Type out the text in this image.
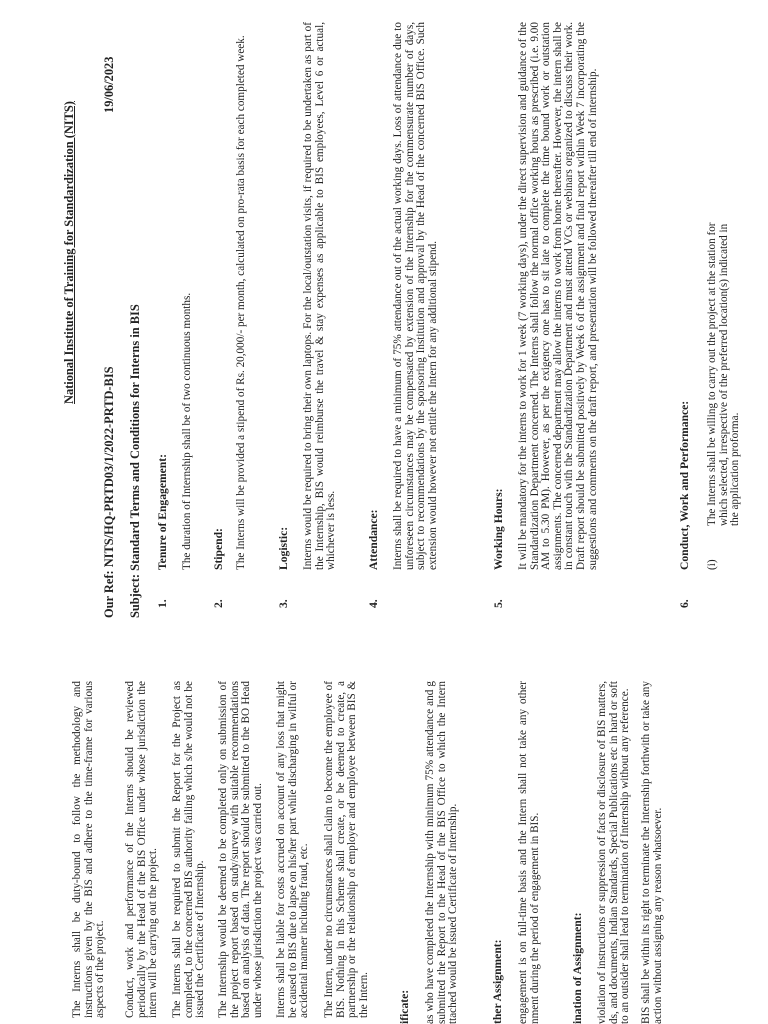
The Interns shall be duty-bound to follow the methodology and instructions given by the BIS and adhere to the time-frame for various aspects of the project. Conduct, work and performance of the Interns should be reviewed periodically by the Head of the BIS Office under whose jurisdiction the intern will be carrying out the project. The Interns shall be required to submit the Report for the Project as completed, to the concerned BIS authority failing which s/he would not be issued the Certificate of Internship. The Internship would be deemed to be completed only on submission of the project report based on study/survey with suitable recommendations based on analysis of data. The report should be submitted to the BO Head under whose jurisdiction the project was carried out. Interns shall be liable for costs accrued on account of any loss that might be caused to BIS due to lapse on his/her part while discharging in wilful or accidental manner including fraud, etc. The Intern, under no circumstances shall claim to become the employee of BIS. Nothing in this Scheme shall create, or be deemed to create, a partnership or the relationship of employer and employee between BIS & the Intern. ificate: as who have completed the Internship with minimum 75% attendance and g submitted the Report to the Head of the BIS Office to which the Intern ttached would be issued Certificate of Internship.	ther Assignment: engagement is on full-time basis and the Intern shall not take any other nment during the period of engagement in BIS.	ination of Assignment: violation of instructions or suppression of facts or disclosure of BIS matters, ds, and documents, Indian Standards, Special Publications etc in hard or soft to an outsider shall lead to termination of Internship without any reference. BIS shall be within its right to terminate the Internship forthwith or take any action without assigning any reason whatsoever.
National Institute of Training for Standardization (NITS)
Our Ref: NITS/HQ-PRTD03/1/2022-PRTD-BIS
19/06/2023
Subject: Standard Terms and Conditions for Interns in BIS 1.
Tenure of Engagement: The duration of Internship shall be of two continuous months.
2.
Stipend: The Interns will be provided a stipend of Rs. 20,000/- per month, calculated on pro-rata basis for each completed week.
3.
Logistic: Interns would be required to bring their own laptops. For the local/outstation visits, if required to be undertaken as part of the Internship, BIS would reimburse the travel & stay expenses as applicable to BIS employees, Level 6 or actual, whichever is less.
4.
Attendance: Interns shall be required to have a minimum of 75% attendance out of the actual working days. Loss of attendance due to unforeseen circumstances may be compensated by extension of the Internship for the commensurate number of days, subject to recommendations by the sponsoring Institution and approval by the Head of the concerned BIS Office. Such extension would however not entitle the Intern for any additional stipend.
5.
Working Hours: It will be mandatory for the interns to work for 1 week (7 working days), under the direct supervision and guidance of the Standardization Department concerned. The Interns shall follow the normal office working hours as prescribed (i.e. 9.00 AM to 5.30 PM). However, as per the exigency one has to sit late to complete the time bound work or outstation assignments. The concerned department may allow the interns to work from home thereafter. However, the intern shall be in constant touch with the Standardization Department and must attend VCs or webinars organized to discuss their work. Draft report should be submitted positively by Week 6 of the assignment and final report within Week 7 incorporating the suggestions and comments on the draft report, and presentation will be followed thereafter till end of internship.
6.
Conduct, Work and Performance: (i)
The Interns shall be willing to carry out the project at the station for which selected, irrespective of the preferred location(s) indicated in the application proforma.
